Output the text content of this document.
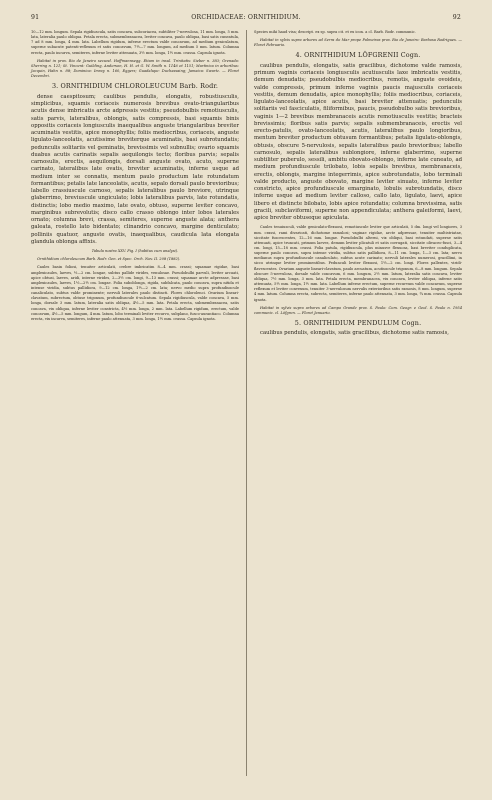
91	ORCHIDACEAE: ORNITHIDIUM.	92

10—12 mm. longum. Sepala rigidiuscula, satis concava, subcoriacea, subtiliter 7-nervulosa, 11 mm. longa, 5 mm. lata, lateralia paulo obliqua. Petala erecta, submembranacea, leviter concava, paulo obliqua, basi satis cuneatula, 7 ad 8 mm. longa, 4 mm. lata. Labellum rigidum, inferne erectum valde concavum, ad medium geniculatum, superne subacute patenti-reflexum et satis concavum, 7½—7 mm. longum, ad medium 5 mm. latum. Columna erecta, paulo incurva, semiteres, inferne leviter attenuata, 3½ mm. longa, 1½ mm. crassa. Capsula ignota.

Habitat in prov. Rio de Janeiro secund. Hoffmannsegg. Etiam in insul. Trinitatis: Sieber n. 383; Grenada: Sherring n. 121; St. Vincent: Guilding, Anderson, H. H. et G. W. Smith n. 1146 et 1151; Martinica in arboribus: Jacquin, Hahn n. 88; Dominica: Imray n. 160, Eggers; Guadalupe: Duchassaing; Jamaica: Swartz. — Floret Decembri.

3. ORNITHIDIUM CHLOROLEUCUM Barb. Rodr.

dense caespitosum; caulibus pendulis, elongatis, robustiusculis, simplicibus, squamis coriaceis numerosis brevibus ovato-triangularibus acutis dense imbricatis arcte adpressis vestitis; pseudobulbis remotiusculis, satis parvis, lateralibus, oblongis, satis compressis, basi squamis binis oppositis coriaceis longiusculis inaequalibus anguste triangularibus breviter acuminatis vestitis, apice monophyllis; foliis mediocribus, coriaceis, anguste ligulato-lanceolatis, acutissime breviterque acuminatis, basi subrotundatis; pedunculis solitariis vel geminatis, brevissimis vel subnullis; ovario squamis duabus acutis carinatis sepalis aequilongis tecto; floribus parvis; sepalis carnosulis, erectis, aequilongis, dorsali anguste ovato, acuto, superne carinato, lateralibus late ovatis, breviter acuminatis, inferne usque ad medium inter se connatis, mentum paulo productum late rotundatum formantibus; petalis late lanceolatis, acutis, sepalo dorsali paulo brevioribus; labello crassiuscule carnoso, sepalis lateralibus paulo breviore, utrinque glaberrimo, breviuscule ungiculato; lobis lateralibus parvis, late rotundatis, distinctis; lobo medio maximo, late ovato, obtuso, superne leviter concavo, marginibus subrevolutis; disco callo crasso oblongo inter lobos laterales ornato; columna brevi, crassa, semiteres, superne anguste alata; anthera galeata, rostello lato bidentato; clinandrio concavo, margine denticulato; polliniis quatuor, anguste ovatis, inaequalibus, caudicula lata elongata glandula oblonga affixis.

Tabula nostra XXV. Fig. I (habitus cum analysi).

Ornithidium chloroleucum Barb. Rodr. Gen. et Spec. Orch. Nov. II. 208 (1882).

Caules basin foliosi, tenuiter articulati, crebre imbricatim 8—4 mm. crassi; squamae rigidae, basi amplexicaules, laeves, ½—2 cm. longae, subtus pallide virides, venulosae. Pseudobulbi parvuli, leviter arcuati, apice obtusi, laeves, aridi, interne virides, 2—3½ cm. longi, 9—13 mm. crassi; squamae arcte adpressae, basi amplexicaules, laeves, 1½—2½ cm. longae. Folia suboblonga, rigida, subfalcata, paulo concava, supra nitida et intense viridia, subtus pallidiora, 9—12 cm. longa, 1½—2 cm. lata; nervo medio supra profundiuscule canaliculato, subtus valde prominente; nervuli laterales paulo distincti. Flores chlorolenci. Ovarium lineari-clavatum, subrectum, obtuse trigonum, profundiuscule 6-sulcatum. Sepala rigidiuscula, valde concava, 5 mm. longa, dorsale 3 mm. latum, lateralia satis obliqua, 4½—5 mm. lata. Petala erecta, submembranacea, satis concava, vix obliqua, inferne leviter constricta, 4½ mm. longa, 2 mm. lata. Labellum rigidum, erectum, valde concavum, 4½—5 mm. longum, 4 mm. latum, lobo terminali leviter recurvo, subplano, fusco-aurantiaco. Columna erecta, vix incurva, semiteres, inferne paulo attenuata, 3 mm. longa, 1½ mm. crassa. Capsula ignota.

Species mihi haud visa; descript. ex sp. supra cit. et ex icon. a cl. Barb. Rodr. communic.

Habitat in sylvis supra arbores ad Serra do Mar prope Palmeiras prov. Rio de Janeiro: Barbosa Rodrigues. — Floret Februario.

4. ORNITHIDIUM LÖFGRENII Cogn.

caulibus pendulis, elongatis, satis gracilibus, dichotome valde ramosis, primum vaginis coriaceis longiusculis acutiusculis laxe imbricatis vestitis, demum denudatis; pseudobulbis mediocribus, remotis, anguste ovoideis, valde compressis, primum inferne vaginis paucis majusculis coriaceis vestitis, demum denudatis, apice monophyllis; foliis mediocribus, coriaceis, ligulato-lanceolatis, apice acutis, basi breviter attenuatis; pedunculis solitariis vel fasciculatis, filiformibus, paucis, pseudobulbo satis brevioribus, vaginis 1—2 brevibus membranaceis acutis remotiusculis vestitis; bracteis brevissimis; floribus satis parvis; sepalis submembranaceis, erectis vel erecto-patulis, ovato-lanceolatis, acutis, lateralibus paulo longioribus, mentum breviter productum obtusum formantibus; petalis ligulato-oblongis, obtusis, obscure 5-nervulosis, sepalis lateralibus paulo brevioribus; labello carnosulo, sepalis lateralibus sublongiore, inferne glaberrimo, superne subtiliter puberulo, sessili, ambitu obovato-oblongo, inferne late cuneato, ad medium profundiuscule trilobato, lobis sepalis brevibus, membranaceis, erectis, oblongis, margine integerrimis, apice subrotundatis, lobo terminali valde producto, anguste obovato, margine leviter sinuato, inferne leviter constricto, apice profundiuscule emarginato, lobulis subrotundatis, disco inferne usque ad medium leviter calloso, callo lato, ligulato, laevi, apice libero et distincte bilobato, lobis apice rotundatis; columna brevissima, satis gracili, subclaviformi, superne non appendiculata; anthera galeiformi, laevi, apice breviter obtuseque apiculata.

Caules tenuiusculi, valde geniculato-flexuosi, remotiuscule leviter que articulati, 5 dm. longi vel longiores, 3 mm. crassi, rami divaricati, dichotome ramulosi; vaginae rigidae, arcte adpressae, tenuiter multistriatae, siccitate fuscescentes, 12—16 mm. longae. Pseudobulbi alterni, vix obliqui, basi rotundati, superne satis attenuati, apice truncati, primum laeves, demum leviter plicatuli et satis corrugati, siccitate olivaceo-fusci, 3—4 cm. longi, 15—18 mm. crassi. Folia patula, rigidiuscula, plus minusve flexuosa, basi breviter conduplicata, superne paulo concava, supra intense viridia, subtus satis pallidiora, 8—11 cm. longa, 1—3 cm. lata; nervo medianus supra profundiuscule canaliculato, subtus acute carinato; nervuli laterales numerosi, gracillimi, in sicco utrinque leviter prominentibus. Pedunculi leviter flexuosi, 1½—2 cm. longi. Flores pallentes, viridi-flavescentes. Ovarium anguste lineari-clavatum, paulo arcuatum, acutiuscule trigonum, 6—8 mm. longum. Sepala obscure 5-nervulosa, dorsale valde concavum, 6 mm. longum, 2½ mm. latum, lateralia satis concava, leviter obliqua, 7½ mm. longa, 3 mm. lata. Petala erecta, membranacea, vix concava, leviter obliqua, inferne satis attenuata, 5½ mm. longa, 1½ mm. lata. Labellum inferne erectum, superne recurvum valde concavum, superne reflexum et leviter convexum, tenuiter 3-nervulosum nervulis exterioribus satis ramosis, 8 mm. longum, superne 4 mm. latum. Columna erecta, subrecta, semiteres, inferne paulo attenuata, 3 mm. longa, ¾ mm. crassa. Capsula ignota.

Habitat in sylvis supra arbores ad Campo Grande prov. S. Paulo: Com. Geogr. e Geol. S. Paulo n. 1954 communic. cl. Löfgren. — Floret Januario.

5. ORNITHIDIUM PENDULUM Cogn.

caulibus pendulis, elongatis, satis gracilibus, dichotome satis ramosis,
